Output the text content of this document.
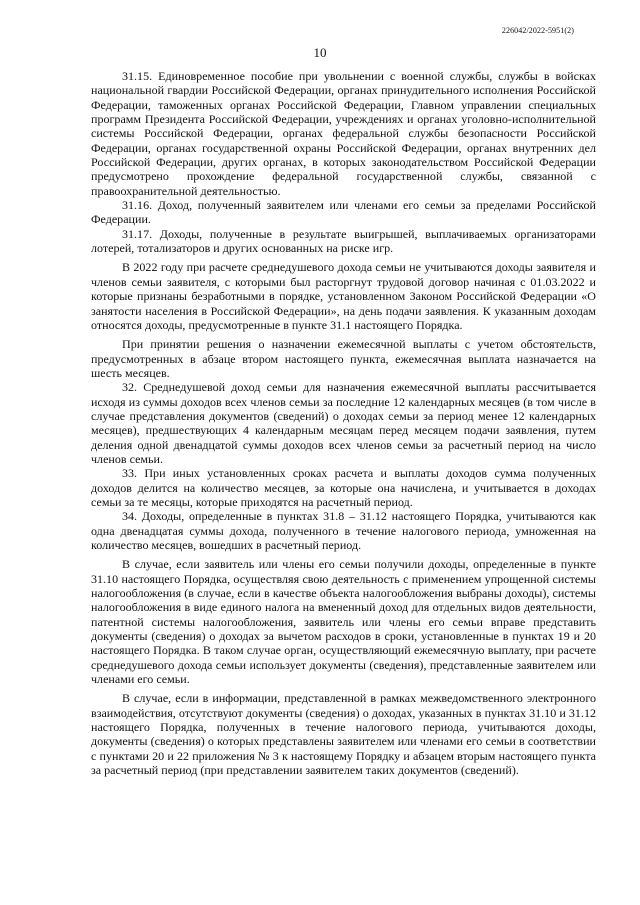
226042/2022-5951(2)
10

31.15. Единовременное пособие при увольнении с военной службы, службы в войсках национальной гвардии Российской Федерации, органах принудительного исполнения Российской Федерации, таможенных органах Российской Федерации, Главном управлении специальных программ Президента Российской Федерации, учреждениях и органах уголовно-исполнительной системы Российской Федерации, органах федеральной службы безопасности Российской Федерации, органах государственной охраны Российской Федерации, органах внутренних дел Российской Федерации, других органах, в которых законодательством Российской Федерации предусмотрено прохождение федеральной государственной службы, связанной с правоохранительной деятельностью.

31.16. Доход, полученный заявителем или членами его семьи за пределами Российской Федерации.

31.17. Доходы, полученные в результате выигрышей, выплачиваемых организаторами лотерей, тотализаторов и других основанных на риске игр.

В 2022 году при расчете среднедушевого дохода семьи не учитываются доходы заявителя и членов семьи заявителя, с которыми был расторгнут трудовой договор начиная с 01.03.2022 и которые признаны безработными в порядке, установленном Законом Российской Федерации «О занятости населения в Российской Федерации», на день подачи заявления. К указанным доходам относятся доходы, предусмотренные в пункте 31.1 настоящего Порядка.

При принятии решения о назначении ежемесячной выплаты с учетом обстоятельств, предусмотренных в абзаце втором настоящего пункта, ежемесячная выплата назначается на шесть месяцев.

32. Среднедушевой доход семьи для назначения ежемесячной выплаты рассчитывается исходя из суммы доходов всех членов семьи за последние 12 календарных месяцев (в том числе в случае представления документов (сведений) о доходах семьи за период менее 12 календарных месяцев), предшествующих 4 календарным месяцам перед месяцем подачи заявления, путем деления одной двенадцатой суммы доходов всех членов семьи за расчетный период на число членов семьи.

33. При иных установленных сроках расчета и выплаты доходов сумма полученных доходов делится на количество месяцев, за которые она начислена, и учитывается в доходах семьи за те месяцы, которые приходятся на расчетный период.

34. Доходы, определенные в пунктах 31.8 – 31.12 настоящего Порядка, учитываются как одна двенадцатая суммы дохода, полученного в течение налогового периода, умноженная на количество месяцев, вошедших в расчетный период.

В случае, если заявитель или члены его семьи получили доходы, определенные в пункте 31.10 настоящего Порядка, осуществляя свою деятельность с применением упрощенной системы налогообложения (в случае, если в качестве объекта налогообложения выбраны доходы), системы налогообложения в виде единого налога на вмененный доход для отдельных видов деятельности, патентной системы налогообложения, заявитель или члены его семьи вправе представить документы (сведения) о доходах за вычетом расходов в сроки, установленные в пунктах 19 и 20 настоящего Порядка. В таком случае орган, осуществляющий ежемесячную выплату, при расчете среднедушевого дохода семьи использует документы (сведения), представленные заявителем или членами его семьи.

В случае, если в информации, представленной в рамках межведомственного электронного взаимодействия, отсутствуют документы (сведения) о доходах, указанных в пунктах 31.10 и 31.12 настоящего Порядка, полученных в течение налогового периода, учитываются доходы, документы (сведения) о которых представлены заявителем или членами его семьи в соответствии с пунктами 20 и 22 приложения № 3 к настоящему Порядку и абзацем вторым настоящего пункта за расчетный период (при представлении заявителем таких документов (сведений).
